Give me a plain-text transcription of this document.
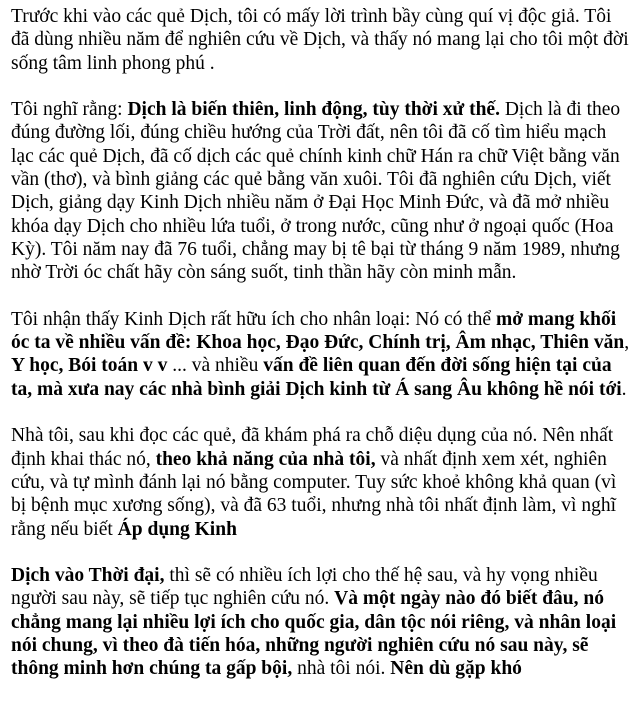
Trước khi vào các quẻ Dịch, tôi có mấy lời trình bầy cùng quí vị độc giả. Tôi đã dùng nhiều năm để nghiên cứu về Dịch, và thấy nó mang lại cho tôi một đời sống tâm linh phong phú .

Tôi nghĩ rằng: Dịch là biến thiên, linh động, tùy thời xử thế. Dịch là đi theo đúng đường lối, đúng chiều hướng của Trời đất, nên tôi đã cố tìm hiểu mạch lạc các quẻ Dịch, đã cố dịch các quẻ chính kinh chữ Hán ra chữ Việt bằng văn vần (thơ), và bình giảng các quẻ bằng văn xuôi. Tôi đã nghiên cứu Dịch, viết Dịch, giảng dạy Kinh Dịch nhiều năm ở Đại Học Minh Đức, và đã mở nhiều khóa dạy Dịch cho nhiều lứa tuổi, ở trong nước, cũng như ở ngoại quốc (Hoa Kỳ). Tôi năm nay đã 76 tuổi, chẳng may bị tê bại từ tháng 9 năm 1989, nhưng nhờ Trời óc chất hãy còn sáng suốt, tinh thần hãy còn minh mẫn.

Tôi nhận thấy Kinh Dịch rất hữu ích cho nhân loại: Nó có thể mở mang khối óc ta về nhiều vấn đề: Khoa học, Đạo Đức, Chính trị, Âm nhạc, Thiên văn, Y học, Bói toán v v ... và nhiều vấn đề liên quan đến đời sống hiện tại của ta, mà xưa nay các nhà bình giải Dịch kinh từ Á sang Âu không hề nói tới.

Nhà tôi, sau khi đọc các quẻ, đã khám phá ra chỗ diệu dụng của nó. Nên nhất định khai thác nó, theo khả năng của nhà tôi, và nhất định xem xét, nghiên cứu, và tự mình đánh lại nó bằng computer. Tuy sức khoẻ không khả quan (vì bị bệnh mục xương sống), và đã 63 tuổi, nhưng nhà tôi nhất định làm, vì nghĩ rằng nếu biết Áp dụng Kinh

Dịch vào Thời đại, thì sẽ có nhiều ích lợi cho thế hệ sau, và hy vọng nhiều người sau này, sẽ tiếp tục nghiên cứu nó. Và một ngày nào đó biết đâu, nó chẳng mang lại nhiều lợi ích cho quốc gia, dân tộc nói riêng, và nhân loại nói chung, vì theo đà tiến hóa, những người nghiên cứu nó sau này, sẽ thông minh hơn chúng ta gấp bội, nhà tôi nói. Nên dù gặp khó
